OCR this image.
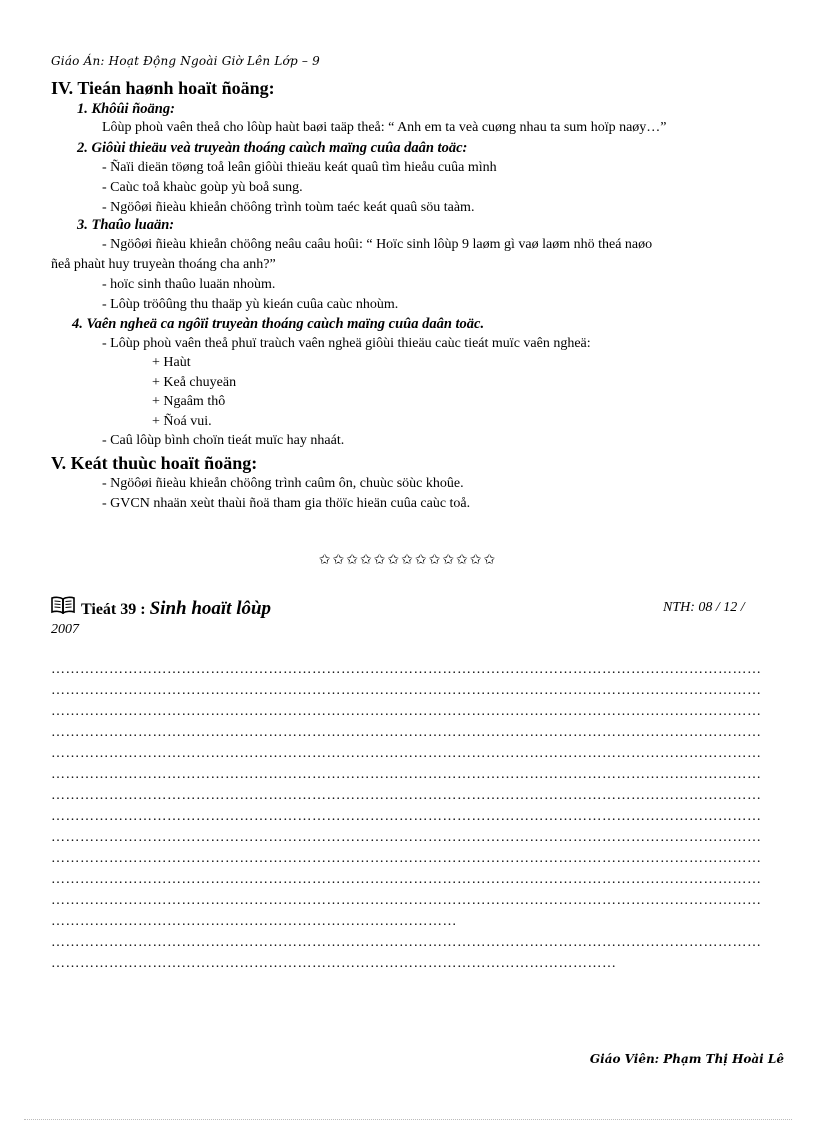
Giáo Án: Hoạt Động Ngoài Giờ Lên Lớp – 9
IV. Tieán haønh hoaït ñoäng:
1. Khôûi ñoäng:
Lôùp phoù vaên theå cho lôùp haùt baøi taäp theå: “ Anh em ta veà cuøng nhau ta sum hoïp naøy…”
2. Giôùi thieäu veà truyeàn thoáng caùch maïng cuûa daân toäc:
- Ñaïi dieän töøng toå leân giôùi thieäu keát quaû tìm hieåu cuûa mình
- Caùc toå khaùc goùp yù boå sung.
- Ngöôøi ñieàu khieån chöông trình toùm taéc keát quaû söu taàm.
3. Thaûo luaän:
- Ngöôøi ñieàu khieån chöông neâu caâu hoûi: “ Hoïc sinh lôùp 9 laøm gì vaø laøm nhö theá naøo
ñeå phaùt huy truyeàn thoáng cha anh?”
- hoïc sinh thaûo luaän nhoùm.
- Lôùp tröôûng thu thaäp yù kieán cuûa caùc nhoùm.
4. Vaên ngheä ca ngôïi truyeàn thoáng caùch maïng cuûa daân toäc.
- Lôùp phoù vaên theå phuï traùch vaên ngheä giôùi thieäu caùc tieát muïc vaên ngheä:
+ Haùt
+ Keå chuyeän
+ Ngaâm thô
+ Ñoá vui.
- Caû lôùp bình choïn tieát muïc hay nhaát.
V. Keát thuùc hoaït ñoäng:
- Ngöôøi ñieàu khieån chöông trình caûm ôn, chuùc söùc khoûe.
- GVCN nhaän xeùt thaùi ñoä tham gia thöïc hieän cuûa caùc toå.
✩✩✩✩✩✩✩✩✩✩✩✩✩
Tieát 39 : Sinh hoaït lôùp	NTH: 08 / 12 /
2007
…………………………………………………………………………………………………………………………………
…………………………………………………………………………………………………………………………………
…………………………………………………………………………………………………………………………………
…………………………………………………………………………………………………………………………………
…………………………………………………………………………………………………………………………………
…………………………………………………………………………………………………………………………………
…………………………………………………………………………………………………………………………………
…………………………………………………………………………………………………………………………………
…………………………………………………………………………………………………………………………………
…………………………………………………………………………………………………………………………………
…………………………………………………………………………………………………………………………………
…………………………………………………………………………………………………………………………………
…………………………………………………………………………
…………………………………………………………………………………………………………………………………
………………………………………………………………………………………………………
Giáo Viên: Phạm Thị Hoài Lê
